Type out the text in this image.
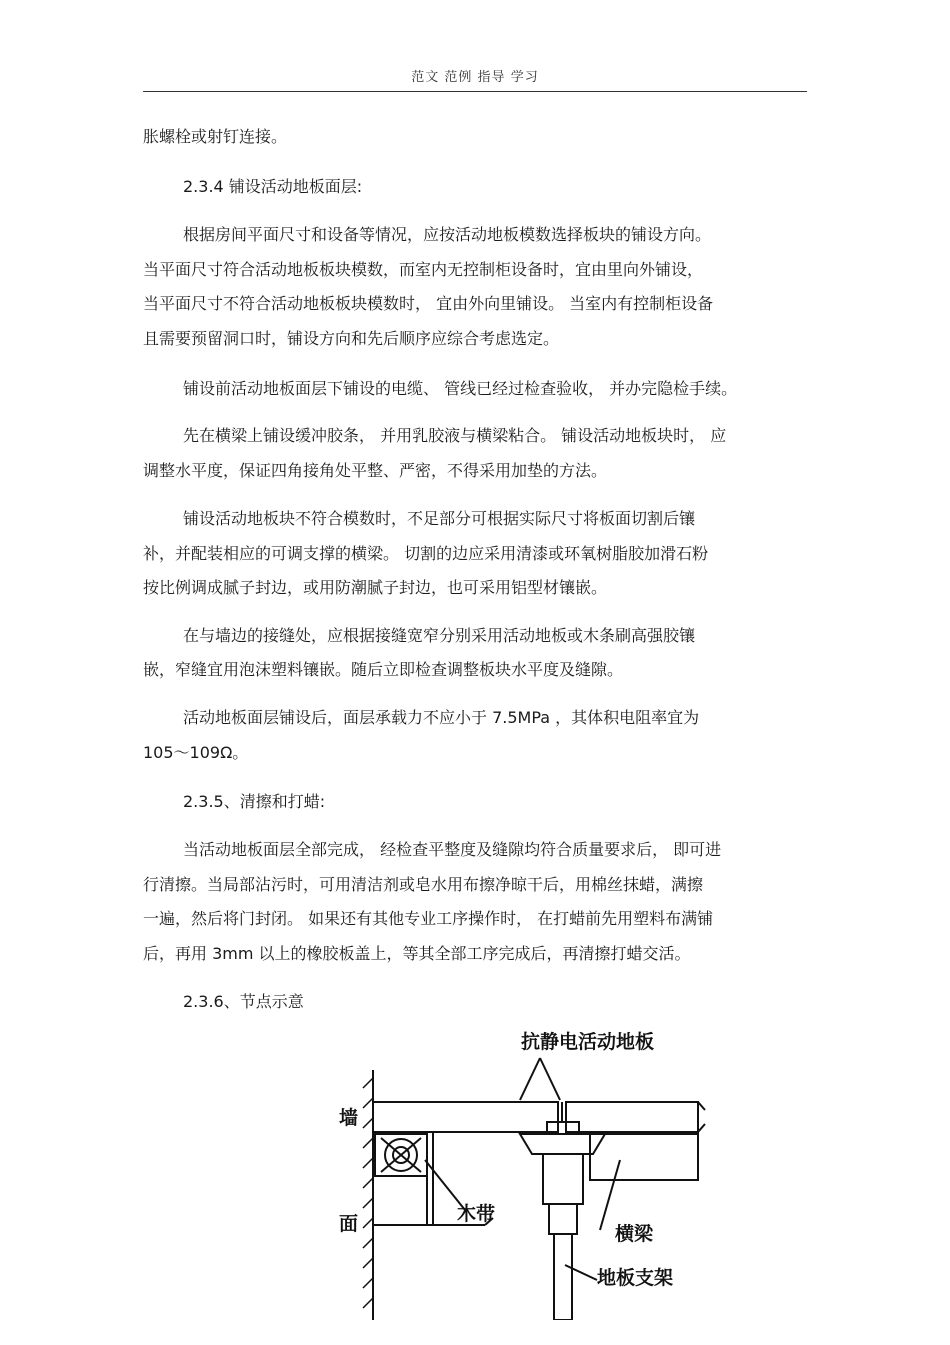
范文 范例 指导 学习
胀螺栓或射钉连接。
2.3.4 铺设活动地板面层:
根据房间平面尺寸和设备等情况，应按活动地板模数选择板块的铺设方向。
当平面尺寸符合活动地板板块模数，而室内无控制柜设备时，宜由里向外铺设，
当平面尺寸不符合活动地板板块模数时， 宜由外向里铺设。 当室内有控制柜设备
且需要预留洞口时，铺设方向和先后顺序应综合考虑选定。
铺设前活动地板面层下铺设的电缆、 管线已经过检查验收， 并办完隐检手续。
先在横梁上铺设缓冲胶条， 并用乳胶液与横梁粘合。 铺设活动地板块时， 应
调整水平度，保证四角接角处平整、严密，不得采用加垫的方法。
铺设活动地板块不符合模数时，不足部分可根据实际尺寸将板面切割后镶
补，并配装相应的可调支撑的横梁。 切割的边应采用清漆或环氧树脂胶加滑石粉
按比例调成腻子封边，或用防潮腻子封边，也可采用铝型材镶嵌。
在与墙边的接缝处，应根据接缝宽窄分别采用活动地板或木条刷高强胶镶
嵌，窄缝宜用泡沫塑料镶嵌。随后立即检查调整板块水平度及缝隙。
活动地板面层铺设后，面层承载力不应小于 7.5MPa ，其体积电阻率宜为
105～109Ω。
2.3.5、清擦和打蜡:
当活动地板面层全部完成， 经检查平整度及缝隙均符合质量要求后， 即可进
行清擦。当局部沾污时，可用清洁剂或皂水用布擦净晾干后，用棉丝抹蜡，满擦
一遍，然后将门封闭。 如果还有其他专业工序操作时， 在打蜡前先用塑料布满铺
后，再用 3mm 以上的橡胶板盖上，等其全部工序完成后，再清擦打蜡交活。
2.3.6、节点示意
抗静电活动地板
墙
面	木带
横梁
地板支架
